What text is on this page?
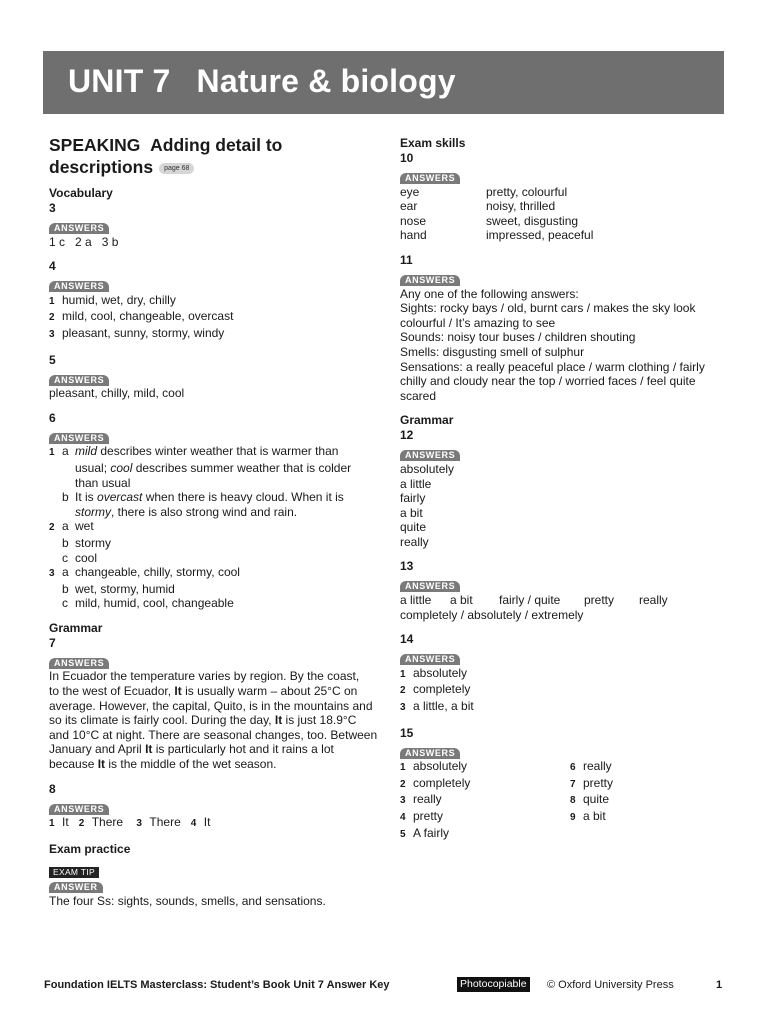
UNIT 7 Nature & biology
SPEAKING Adding detail to
descriptions page 68

Vocabulary

3

ANSWERS

1 c   2 a   3 b

4

ANSWERS

1 humid, wet, dry, chilly

2 mild, cool, changeable, overcast

3 pleasant, sunny, stormy, windy

5

ANSWERS

pleasant, chilly, mild, cool

6

ANSWERS

1 a mild describes winter weather that is warmer than

usual; cool describes summer weather that is colder

than usual

b It is overcast when there is heavy cloud. When it is

stormy, there is also strong wind and rain.

2 a wet

b stormy

c cool

3 a changeable, chilly, stormy, cool

b wet, stormy, humid

c mild, humid, cool, changeable

Grammar

7

ANSWERS

In Ecuador the temperature varies by region. By the coast,

to the west of Ecuador, It is usually warm – about 25°C on

average. However, the capital, Quito, is in the mountains and

so its climate is fairly cool. During the day, It is just 18.9°C

and 10°C at night. There are seasonal changes, too. Between

January and April It is particularly hot and it rains a lot

because It is the middle of the wet season.

8

ANSWERS

1 It 2 There 3 There 4 It

Exam practice

EXAM TIP
ANSWER

The four Ss: sights, sounds, smells, and sensations.

Exam skills

10

ANSWERS
eye	pretty, colourful
ear	noisy, thrilled
nose	sweet, disgusting
hand	impressed, peaceful

11

ANSWERS

Any one of the following answers:

Sights: rocky bays / old, burnt cars / makes the sky look

colourful / It’s amazing to see

Sounds: noisy tour buses / children shouting

Smells: disgusting smell of sulphur

Sensations: a really peaceful place / warm clothing / fairly

chilly and cloudy near the top / worried faces / feel quite

scared

Grammar

12

ANSWERS

absolutely

a little

fairly

a bit

quite

really

13

ANSWERS

a little a bit fairly / quite pretty really

completely / absolutely / extremely

14

ANSWERS

1 absolutely

2 completely

3 a little, a bit

15

ANSWERS
1 absolutely	6 really
2 completely	7 pretty
3 really	8 quite
4 pretty	9 a bit
5 A fairly
Foundation IELTS Masterclass: Student’s Book Unit 7 Answer Key	Photocopiable © Oxford University Press	1
